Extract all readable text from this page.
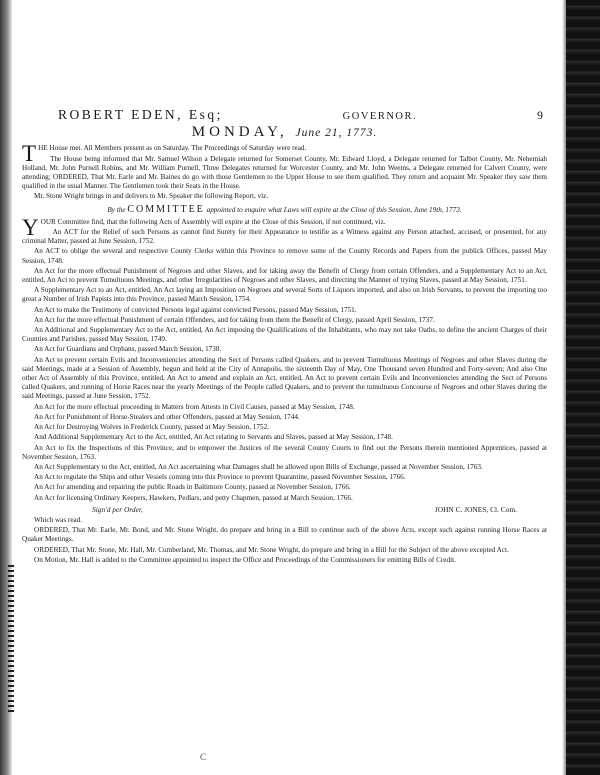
ROBERT EDEN, Esq;	GOVERNOR.	9
MONDAY, June 21, 1773.

THE House met. All Members present as on Saturday. The Proceedings of Saturday were read.

The House being informed that Mr. Samuel Wilson a Delegate returned for Somerset County, Mr. Edward Lloyd, a Delegate returned for Talbot County, Mr. Nehemiah Holland, Mr. John Purnell Robins, and Mr. William Purnell, Three Delegates returned for Worcester County, and Mr. John Weems, a Delegate returned for Calvert County, were attending; ORDERED, That Mr. Earle and Mr. Baines do go with those Gentlemen to the Upper House to see them qualified. They return and acquaint Mr. Speaker they saw them qualified in the usual Manner. The Gentlemen took their Seats in the House.

Mr. Stone Wright brings in and delivers to Mr. Speaker the following Report, viz.

By the COMMITTEE appointed to enquire what Laws will expire at the Close of this Session, June 19th, 1773.

YOUR Committee find, that the following Acts of Assembly will expire at the Close of this Session, if not continued, viz.

An ACT for the Relief of such Persons as cannot find Surety for their Appearance to testifie as a Witness against any Person attached, accused, or presented, for any criminal Matter, passed at June Session, 1752.

An ACT to oblige the several and respective County Clerks within this Province to remove some of the County Records and Papers from the publick Offices, passed May Session, 1748.

An Act for the more effectual Punishment of Negroes and other Slaves, and for taking away the Benefit of Clergy from certain Offenders, and a Supplementary Act to an Act, entitled, An Act to prevent Tumultuous Meetings, and other Irregularities of Negroes and other Slaves, and directing the Manner of trying Slaves, passed at May Session, 1751.

A Supplementary Act to an Act, entitled, An Act laying an Imposition on Negroes and several Sorts of Liquors imported, and also on Irish Servants, to prevent the importing too great a Number of Irish Papists into this Province, passed March Session, 1754.

An Act to make the Testimony of convicted Persons legal against convicted Persons, passed May Session, 1751.

An Act for the more effectual Punishment of certain Offenders, and for taking from them the Benefit of Clergy, passed April Session, 1737.

An Additional and Supplementary Act to the Act, entitled, An Act imposing the Qualifications of the Inhabitants, who may not take Oaths, to define the ancient Charges of their Counties and Parishes, passed May Session, 1749.

An Act for Guardians and Orphans, passed March Session, 1738.

An Act to prevent certain Evils and Inconveniencies attending the Sect of Persons called Quakers, and to prevent Tumultuous Meetings of Negroes and other Slaves during the said Meetings, made at a Session of Assembly, begun and held at the City of Annapolis, the sixteenth Day of May, One Thousand seven Hundred and Forty-seven; And also One other Act of Assembly of this Province, entitled, An Act to amend and explain an Act, entitled, An Act to prevent certain Evils and Inconveniencies attending the Sect of Persons called Quakers, and running of Horse Races near the yearly Meetings of the People called Quakers, and to prevent the tumultuous Concourse of Negroes and other Slaves during the said Meetings, passed at June Session, 1752.

An Act for the more effectual proceeding in Matters from Attests in Civil Causes, passed at May Session, 1748.

An Act for Punishment of Horse-Stealers and other Offenders, passed at May Session, 1744.

An Act for Destroying Wolves in Frederick County, passed at May Session, 1752.

And Additional Supplementary Act to the Act, entitled, An Act relating to Servants and Slaves, passed at May Session, 1748.

An Act to fix the Inspections of this Province, and to empower the Justices of the several County Courts to find out the Persons therein mentioned Apprentices, passed at November Session, 1763.

An Act Supplementary to the Act, entitled, An Act ascertaining what Damages shall be allowed upon Bills of Exchange, passed at November Session, 1763.

An Act to regulate the Ships and other Vessels coming into this Province to prevent Quarantine, passed November Session, 1766.

An Act for amending and repairing the public Roads in Baltimore County, passed at November Session, 1766.

An Act for licensing Ordinary Keepers, Hawkers, Pedlars, and petty Chapmen, passed at March Session, 1766.

Sign'd per Order,	JOHN C. JONES, Cl. Com.

Which was read.

ORDERED, That Mr. Earle, Mr. Bond, and Mr. Stone Wright, do prepare and bring in a Bill to continue such of the above Acts, except such against running Horse Races at Quaker Meetings.

ORDERED, That Mr. Stone, Mr. Hall, Mr. Cumberland, Mr. Thomas, and Mr. Stone Wright, do prepare and bring in a Bill for the Subject of the above excepted Act.

On Motion, Mr. Hall is added to the Committee appointed to inspect the Office and Proceedings of the Commissioners for emitting Bills of Credit.

C
